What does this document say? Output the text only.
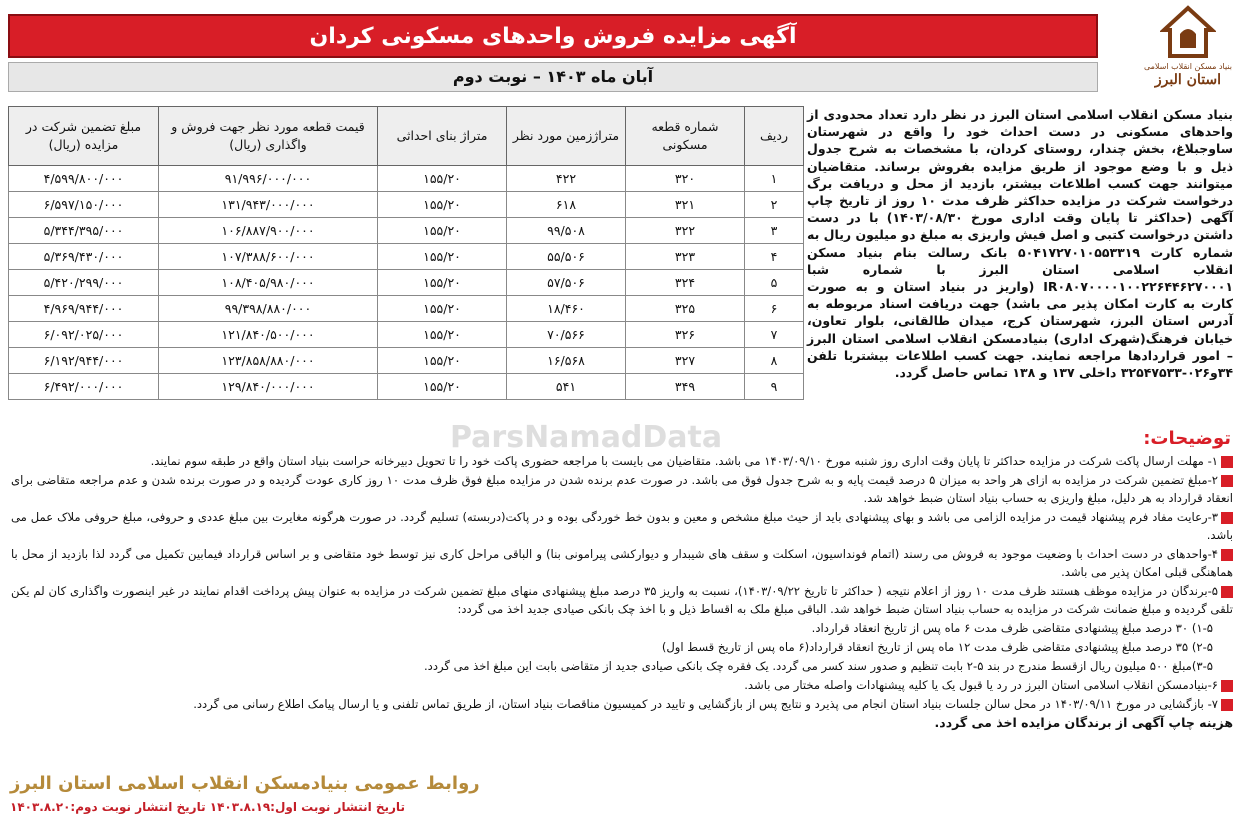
بنیاد مسکن انقلاب اسلامی
استان البرز
آگهی مزایده فروش واحدهای مسکونی کردان
آبان ماه ۱۴۰۳ – نوبت دوم
بنیاد مسکن انقلاب اسلامی استان البرز در نظر دارد تعداد محدودی از واحدهای مسکونی در دست احداث خود را واقع در شهرستان ساوجبلاغ، بخش چندار، روستای کردان، با مشخصات به شرح جدول ذیل و با وضع موجود از طریق مزایده بفروش برساند. متقاضیان میتوانند جهت کسب اطلاعات بیشتر، بازدید از محل و دریافت برگ درخواست شرکت در مزایده حداکثر ظرف مدت ۱۰ روز از تاریخ چاپ آگهی (حداکثر تا پایان وقت اداری مورخ ۱۴۰۳/۰۸/۳۰) با در دست داشتن درخواست کتبی و اصل فیش واریزی به مبلغ دو میلیون ریال به شماره کارت ۵۰۴۱۷۲۷۰۱۰۵۵۳۳۱۹ بانک رسالت بنام بنیاد مسکن انقلاب اسلامی استان البرز با شماره شبا IR۰۸۰۷۰۰۰۰۱۰۰۲۲۶۴۴۶۲۷۰۰۰۱ (واریز در بنیاد استان و به صورت کارت به کارت امکان پذیر می باشد) جهت دریافت اسناد مربوطه به آدرس استان البرز، شهرستان کرج، میدان طالقانی، بلوار تعاون، خیابان فرهنگ(شهرک اداری) بنیادمسکن انقلاب اسلامی استان البرز – امور قراردادها مراجعه نمایند. جهت کسب اطلاعات بیشتربا تلفن ۳۴و۰۲۶-۳۲۵۴۷۵۳۳ داخلی ۱۳۷ و ۱۳۸ تماس حاصل گردد.
ردیف	شماره قطعه مسکونی	متراژزمین مورد نظر	متراژ بنای احداثی	قیمت قطعه مورد نظر جهت فروش و واگذاری (ریال)	مبلغ تضمین شرکت در مزایده (ریال)
۱	۳۲۰	۴۲۲	۱۵۵/۲۰	۹۱/۹۹۶/۰۰۰/۰۰۰	۴/۵۹۹/۸۰۰/۰۰۰
۲	۳۲۱	۶۱۸	۱۵۵/۲۰	۱۳۱/۹۴۳/۰۰۰/۰۰۰	۶/۵۹۷/۱۵۰/۰۰۰
۳	۳۲۲	۹۹/۵۰۸	۱۵۵/۲۰	۱۰۶/۸۸۷/۹۰۰/۰۰۰	۵/۳۴۴/۳۹۵/۰۰۰
۴	۳۲۳	۵۵/۵۰۶	۱۵۵/۲۰	۱۰۷/۳۸۸/۶۰۰/۰۰۰	۵/۳۶۹/۴۳۰/۰۰۰
۵	۳۲۴	۵۷/۵۰۶	۱۵۵/۲۰	۱۰۸/۴۰۵/۹۸۰/۰۰۰	۵/۴۲۰/۲۹۹/۰۰۰
۶	۳۲۵	۱۸/۴۶۰	۱۵۵/۲۰	۹۹/۳۹۸/۸۸۰/۰۰۰	۴/۹۶۹/۹۴۴/۰۰۰
۷	۳۲۶	۷۰/۵۶۶	۱۵۵/۲۰	۱۲۱/۸۴۰/۵۰۰/۰۰۰	۶/۰۹۲/۰۲۵/۰۰۰
۸	۳۲۷	۱۶/۵۶۸	۱۵۵/۲۰	۱۲۳/۸۵۸/۸۸۰/۰۰۰	۶/۱۹۲/۹۴۴/۰۰۰
۹	۳۴۹	۵۴۱	۱۵۵/۲۰	۱۲۹/۸۴۰/۰۰۰/۰۰۰	۶/۴۹۲/۰۰۰/۰۰۰
ParsNamadData	توضیحات:
۱- مهلت ارسال پاکت شرکت در مزایده حداکثر تا پایان وقت اداری روز شنبه مورخ ۱۴۰۳/۰۹/۱۰ می باشد. متقاضیان می بایست با مراجعه حضوری پاکت خود را تا تحویل دبیرخانه حراست بنیاد استان واقع در طبقه سوم نمایند.
۲-مبلغ تضمین شرکت در مزایده به ازای هر واحد به میزان ۵ درصد قیمت پایه و به شرح جدول فوق می باشد. در صورت عدم برنده شدن در مزایده مبلغ فوق ظرف مدت ۱۰ روز کاری عودت گردیده و در صورت برنده شدن و عدم مراجعه متقاضی برای انعقاد قرارداد به هر دلیل، مبلغ واریزی به حساب بنیاد استان ضبط خواهد شد.
۳-رعایت مفاد فرم پیشنهاد قیمت در مزایده الزامی می باشد و بهای پیشنهادی باید از حیث مبلغ مشخص و معین و بدون خط خوردگی بوده و در پاکت(دربسته) تسلیم گردد. در صورت هرگونه مغایرت بین مبلغ عددی و حروفی، مبلغ حروفی ملاک عمل می باشد.
۴-واحدهای در دست احداث با وضعیت موجود به فروش می رسند (اتمام فونداسیون، اسکلت و سقف های شیبدار و دیوارکشی پیرامونی بنا) و الباقی مراحل کاری نیز توسط خود متقاضی و بر اساس قرارداد فیمابین تکمیل می گردد لذا بازدید از محل با هماهنگی قبلی امکان پذیر می باشد.
۵-برندگان در مزایده موظف هستند ظرف مدت ۱۰ روز از اعلام نتیجه ( حداکثر تا تاریخ ۱۴۰۳/۰۹/۲۲)، نسبت به واریز ۳۵ درصد مبلغ پیشنهادی منهای مبلغ تضمین شرکت در مزایده به عنوان پیش پرداخت اقدام نمایند در غیر اینصورت واگذاری کان لم یکن تلقی گردیده و مبلغ ضمانت شرکت در مزایده به حساب بنیاد استان ضبط خواهد شد. الباقی مبلغ ملک به اقساط ذیل و با اخذ چک بانکی صیادی جدید اخذ می گردد:
۱-۵) ۳۰ درصد مبلغ پیشنهادی متقاضی ظرف مدت ۶ ماه پس از تاریخ انعقاد قرارداد.
۲-۵) ۳۵ درصد مبلغ پیشنهادی متقاضی ظرف مدت ۱۲ ماه پس از تاریخ انعقاد قرارداد(۶ ماه پس از تاریخ قسط اول)
۳-۵)مبلغ ۵۰۰ میلیون ریال ازقسط مندرج در بند ۵-۲ بابت تنظیم و صدور سند کسر می گردد. یک فقره چک بانکی صیادی جدید از متقاضی بابت این مبلغ اخذ می گردد.
۶-بنیادمسکن انقلاب اسلامی استان البرز در رد یا قبول یک یا کلیه پیشنهادات واصله مختار می باشد.
۷- بازگشایی در مورخ ۱۴۰۳/۰۹/۱۱ در محل سالن جلسات بنیاد استان انجام می پذیرد و نتایج پس از بازگشایی و تایید در کمیسیون مناقصات بنیاد استان، از طریق تماس تلفنی و یا ارسال پیامک اطلاع رسانی می گردد.
هزینه چاپ آگهی از برندگان مزایده اخذ می گردد.
روابط عمومی بنیادمسکن انقلاب اسلامی استان البرز
تاریخ انتشار نوبت اول:۱۴۰۳.۸.۱۹ تاریخ انتشار نوبت دوم:۱۴۰۳.۸.۲۰
